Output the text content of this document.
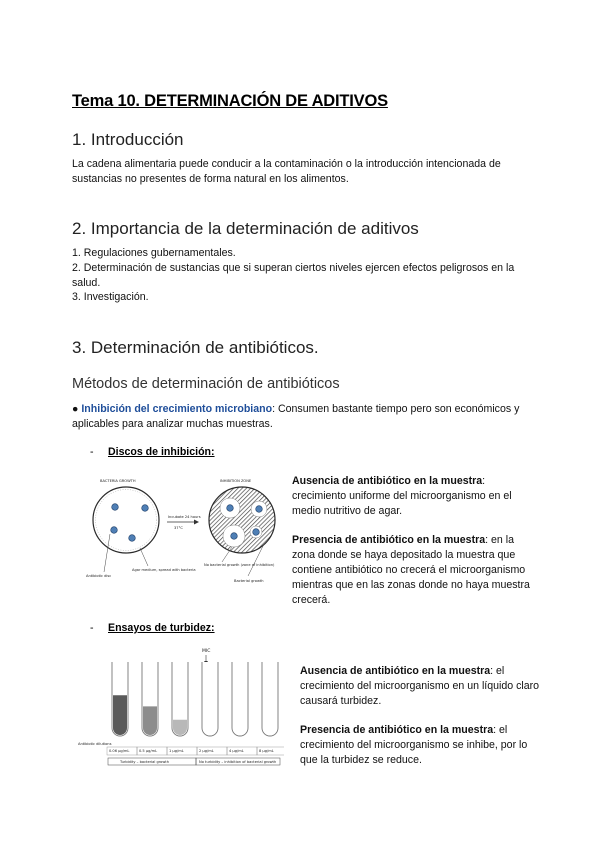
Tema 10. DETERMINACIÓN DE ADITIVOS
1. Introducción
La cadena alimentaria puede conducir a la contaminación o la introducción intencionada de sustancias no presentes de forma natural en los alimentos.
2. Importancia de la determinación de aditivos
1. Regulaciones gubernamentales.
2. Determinación de sustancias que si superan ciertos niveles ejercen efectos peligrosos en la salud.
3. Investigación.
3. Determinación de antibióticos.
Métodos de determinación de antibióticos
● Inhibición del crecimiento microbiano: Consumen bastante tiempo pero son económicos y aplicables para analizar muchas muestras.
- Discos de inhibición:
BACTERIA GROWTH
Antibiotic disc
Agar medium, spread with bacteria
Incubate 24 hours
37°C
INHIBITION ZONE
No bacterial growth (zone of inhibition)
Bacterial growth
Ausencia de antibiótico en la muestra: crecimiento uniforme del microorganismo en el medio nutritivo de agar.
Presencia de antibiótico en la muestra: en la zona donde se haya depositado la muestra que contiene antibiótico no crecerá el microorganismo mientras que en las zonas donde no haya muestra crecerá.
- Ensayos de turbidez:
MIC
Antibiotic dilutions
0.06 μg/mL	0.5 μg/mL	1 μg/mL	2 μg/mL	4 μg/mL	8 μg/mL
Turbidity – bacterial growth	No turbidity – inhibition of bacterial growth
Ausencia de antibiótico en la muestra: el crecimiento del microorganismo en un líquido claro causará turbidez.
Presencia de antibiótico en la muestra: el crecimiento del microorganismo se inhibe, por lo que la turbidez se reduce.
